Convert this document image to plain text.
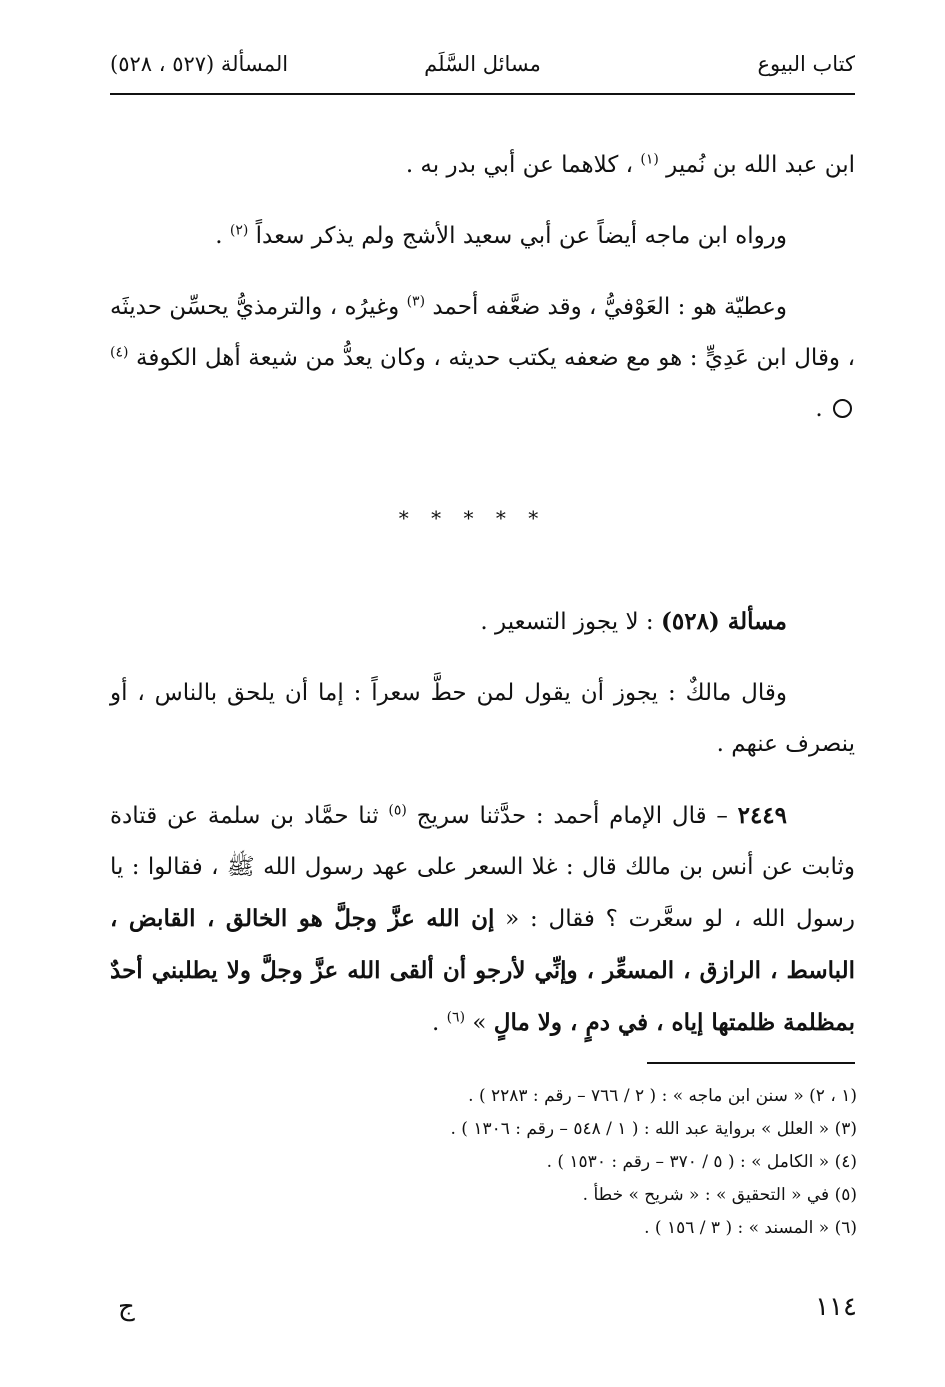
كتاب البيوع
مسائل السَّلَم
المسألة (٥٢٧ ، ٥٢٨)

ابن عبد الله بن نُمير $^{(١)}$ ، كلاهما عن أبي بدر به .

ورواه ابن ماجه أيضاً عن أبي سعيد الأشج ولم يذكر سعداً $^{(٢)}$ .

وعطيّة هو : العَوْفيُّ ، وقد ضعَّفه أحمد $^{(٣)}$ وغيرُه ، والترمذيُّ يحسِّن حديثَه ، وقال ابن عَدِيٍّ : هو مع ضعفه يكتب حديثه ، وكان يعدُّ من شيعة أهل الكوفة $^{(٤)}$  .

* * * * *

مسألة (٥٢٨) : لا يجوز التسعير .

وقال مالكٌ : يجوز أن يقول لمن حطَّ سعراً : إما أن يلحق بالناس ، أو ينصرف عنهم .

٢٤٤٩ – قال الإمام أحمد : حدَّثنا سريج $^{(٥)}$ ثنا حمَّاد بن سلمة عن قتادة وثابت عن أنس بن مالك قال : غلا السعر على عهد رسول الله ﷺ ، فقالوا : يا رسول الله ، لو سعَّرت ؟ فقال : « إن الله عزَّ وجلَّ هو الخالق ، القابض ، الباسط ، الرازق ، المسعِّر ، وإنِّي لأرجو أن ألقى الله عزَّ وجلَّ ولا يطلبني أحدٌ بمظلمة ظلمتها إياه ، في دمٍ ، ولا مالٍ » $^{(٦)}$ .

(١ ، ٢) « سنن ابن ماجه » : ( ٢ / ٧٦٦ – رقم : ٢٢٨٣ ) .
(٣) « العلل » برواية عبد الله : ( ١ / ٥٤٨ – رقم : ١٣٠٦ ) .
(٤) « الكامل » : ( ٥ / ٣٧٠ – رقم : ١٥٣٠ ) .
(٥) في « التحقيق » : « شريح » خطأ .
(٦) « المسند » : ( ٣ / ١٥٦ ) .
١١٤
ج
